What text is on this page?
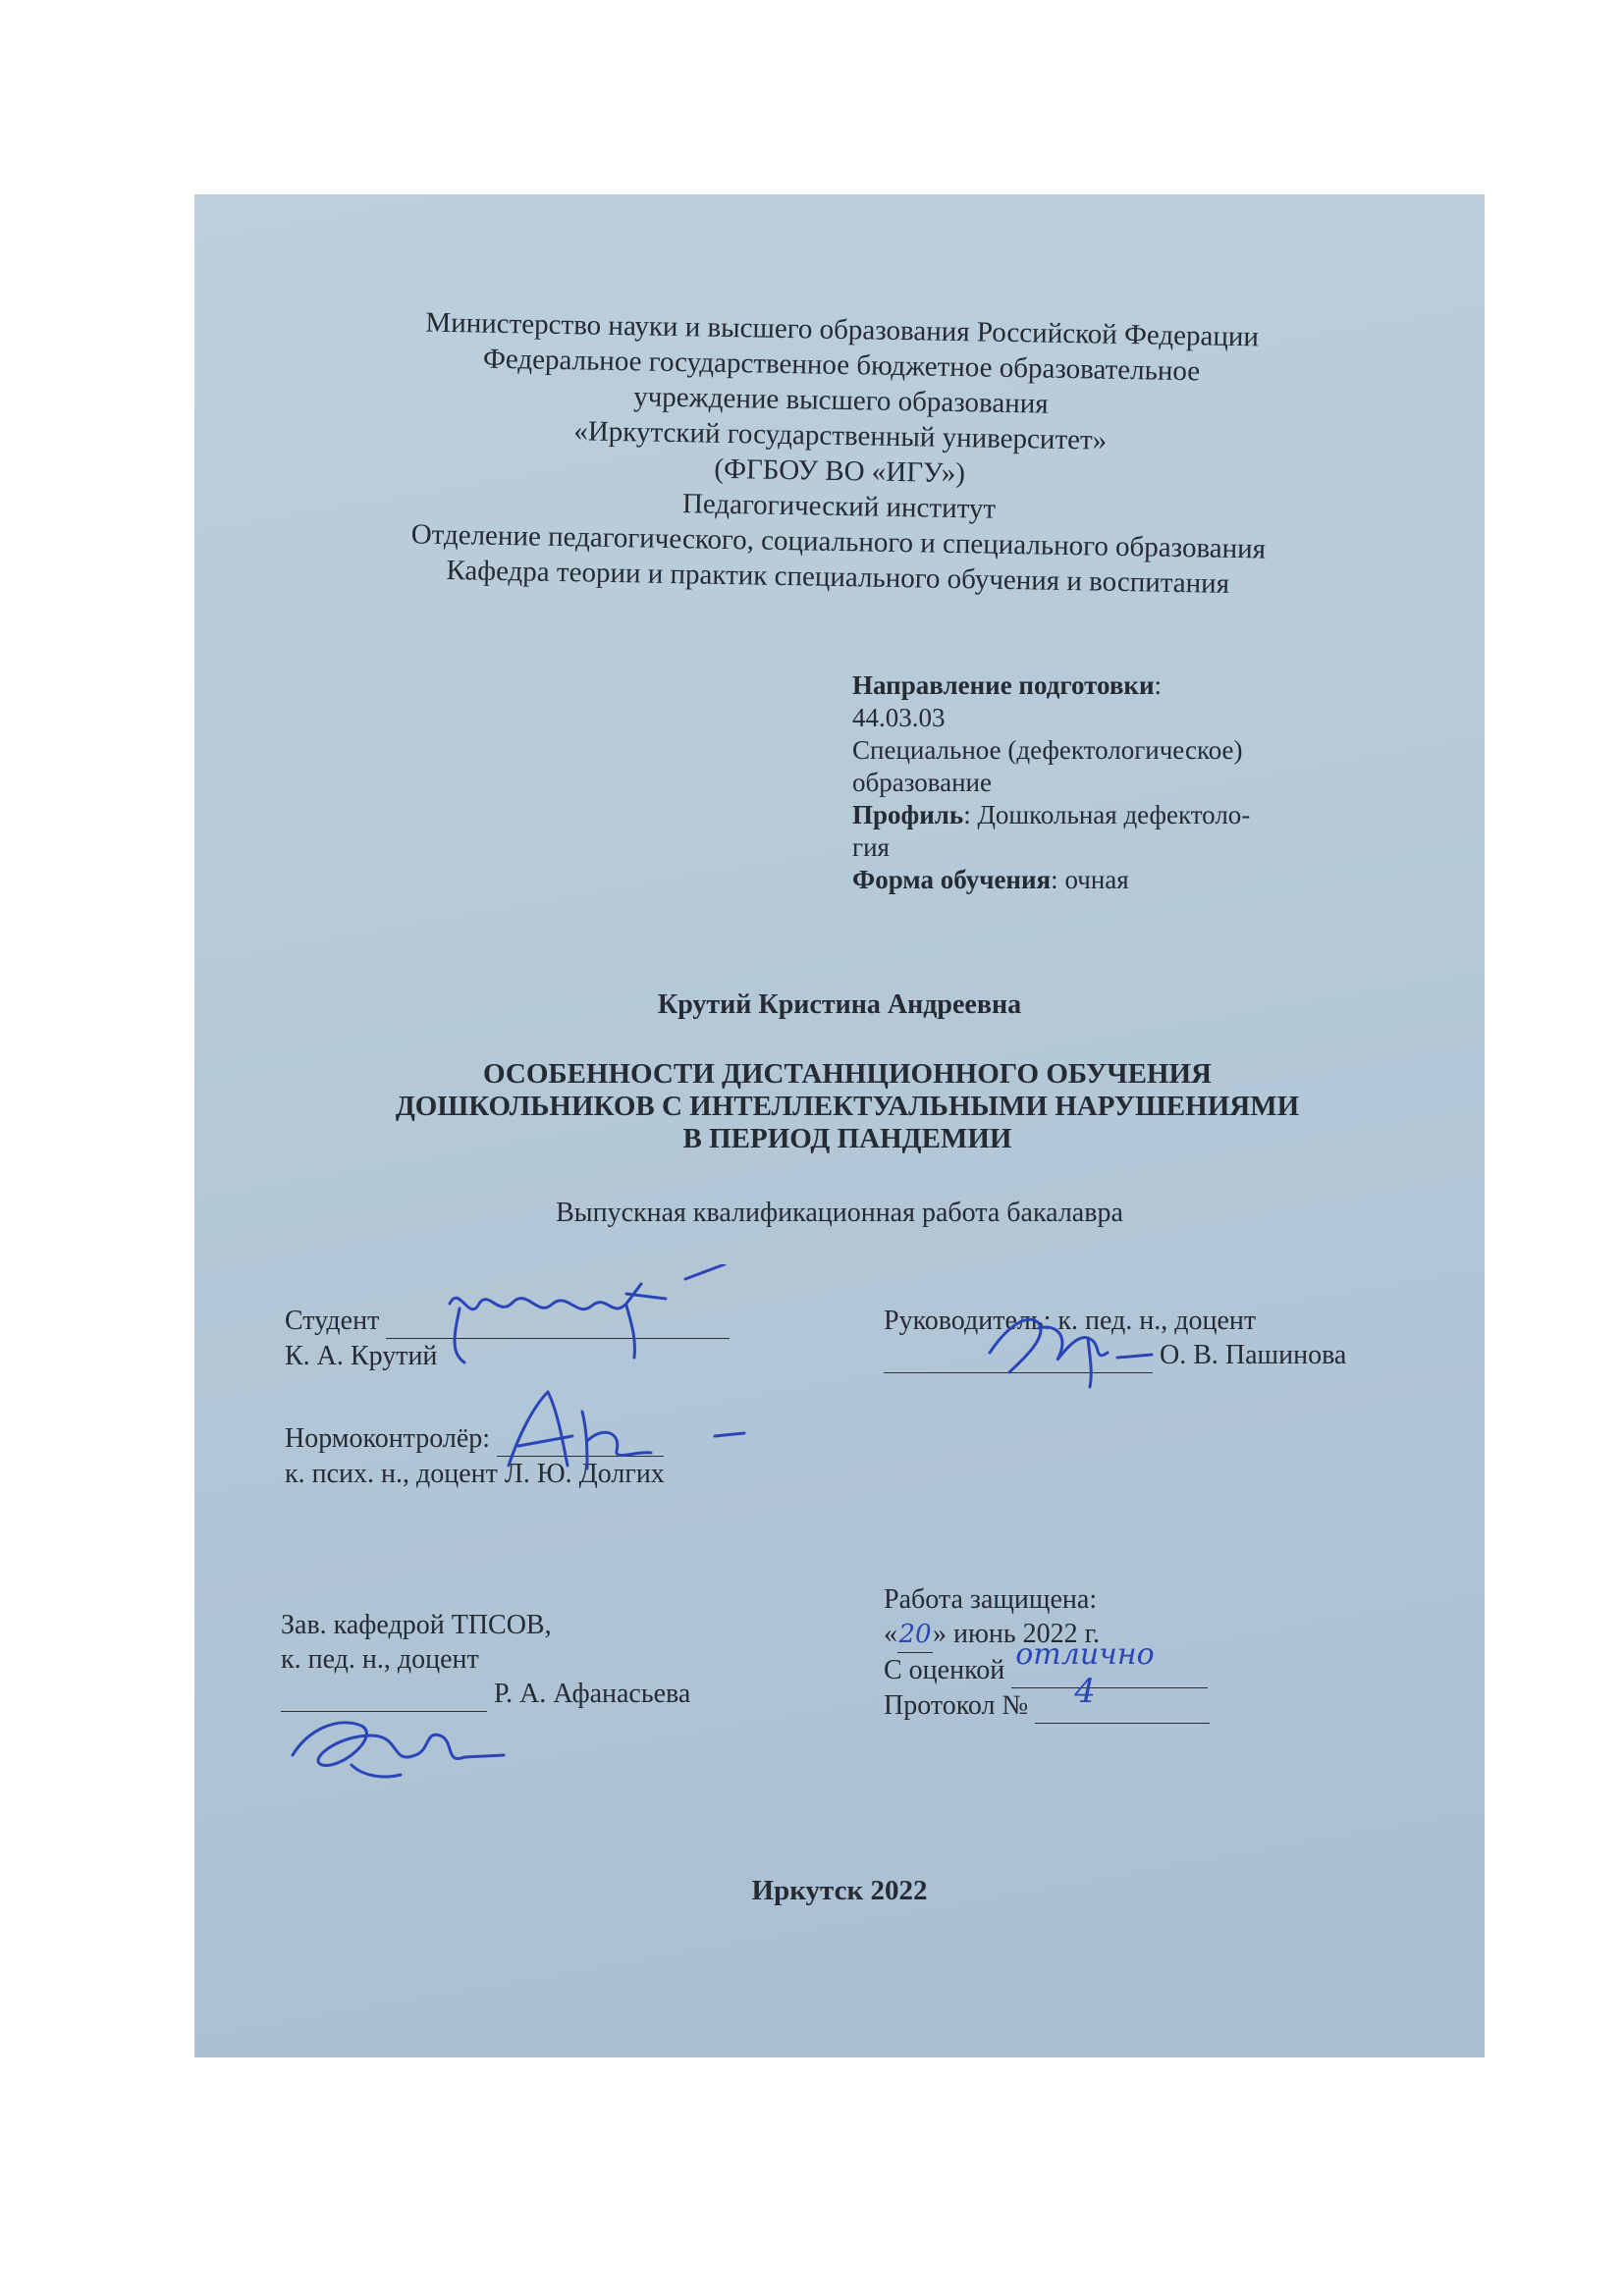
Министерство науки и высшего образования Российской Федерации
Федеральное государственное бюджетное образовательное
учреждение высшего образования
«Иркутский государственный университет»
(ФГБОУ ВО «ИГУ»)
Педагогический институт
Отделение педагогического, социального и специального образования
Кафедра теории и практик специального обучения и воспитания
Направление подготовки:
44.03.03
Специальное (дефектологическое)
образование
Профиль: Дошкольная дефектоло-
гия
Форма обучения: очная
Крутий Кристина Андреевна
ОСОБЕННОСТИ ДИСТАННЦИОННОГО ОБУЧЕНИЯ
ДОШКОЛЬНИКОВ С ИНТЕЛЛЕКТУАЛЬНЫМИ НАРУШЕНИЯМИ
В ПЕРИОД ПАНДЕМИИ
Выпускная квалификационная работа бакалавра
Студент
К. А. Крутий
Руководитель: к. пед. н., доцент
О. В. Пашинова
Нормоконтролёр:
к. псих. н., доцент Л. Ю. Долгих
Зав. кафедрой ТПСОВ,
к. пед. н., доцент
Р. А. Афанасьева
Работа защищена:
«20» июнь 2022 г.
С оценкой отлично

Протокол № 4

Иркутск 2022
